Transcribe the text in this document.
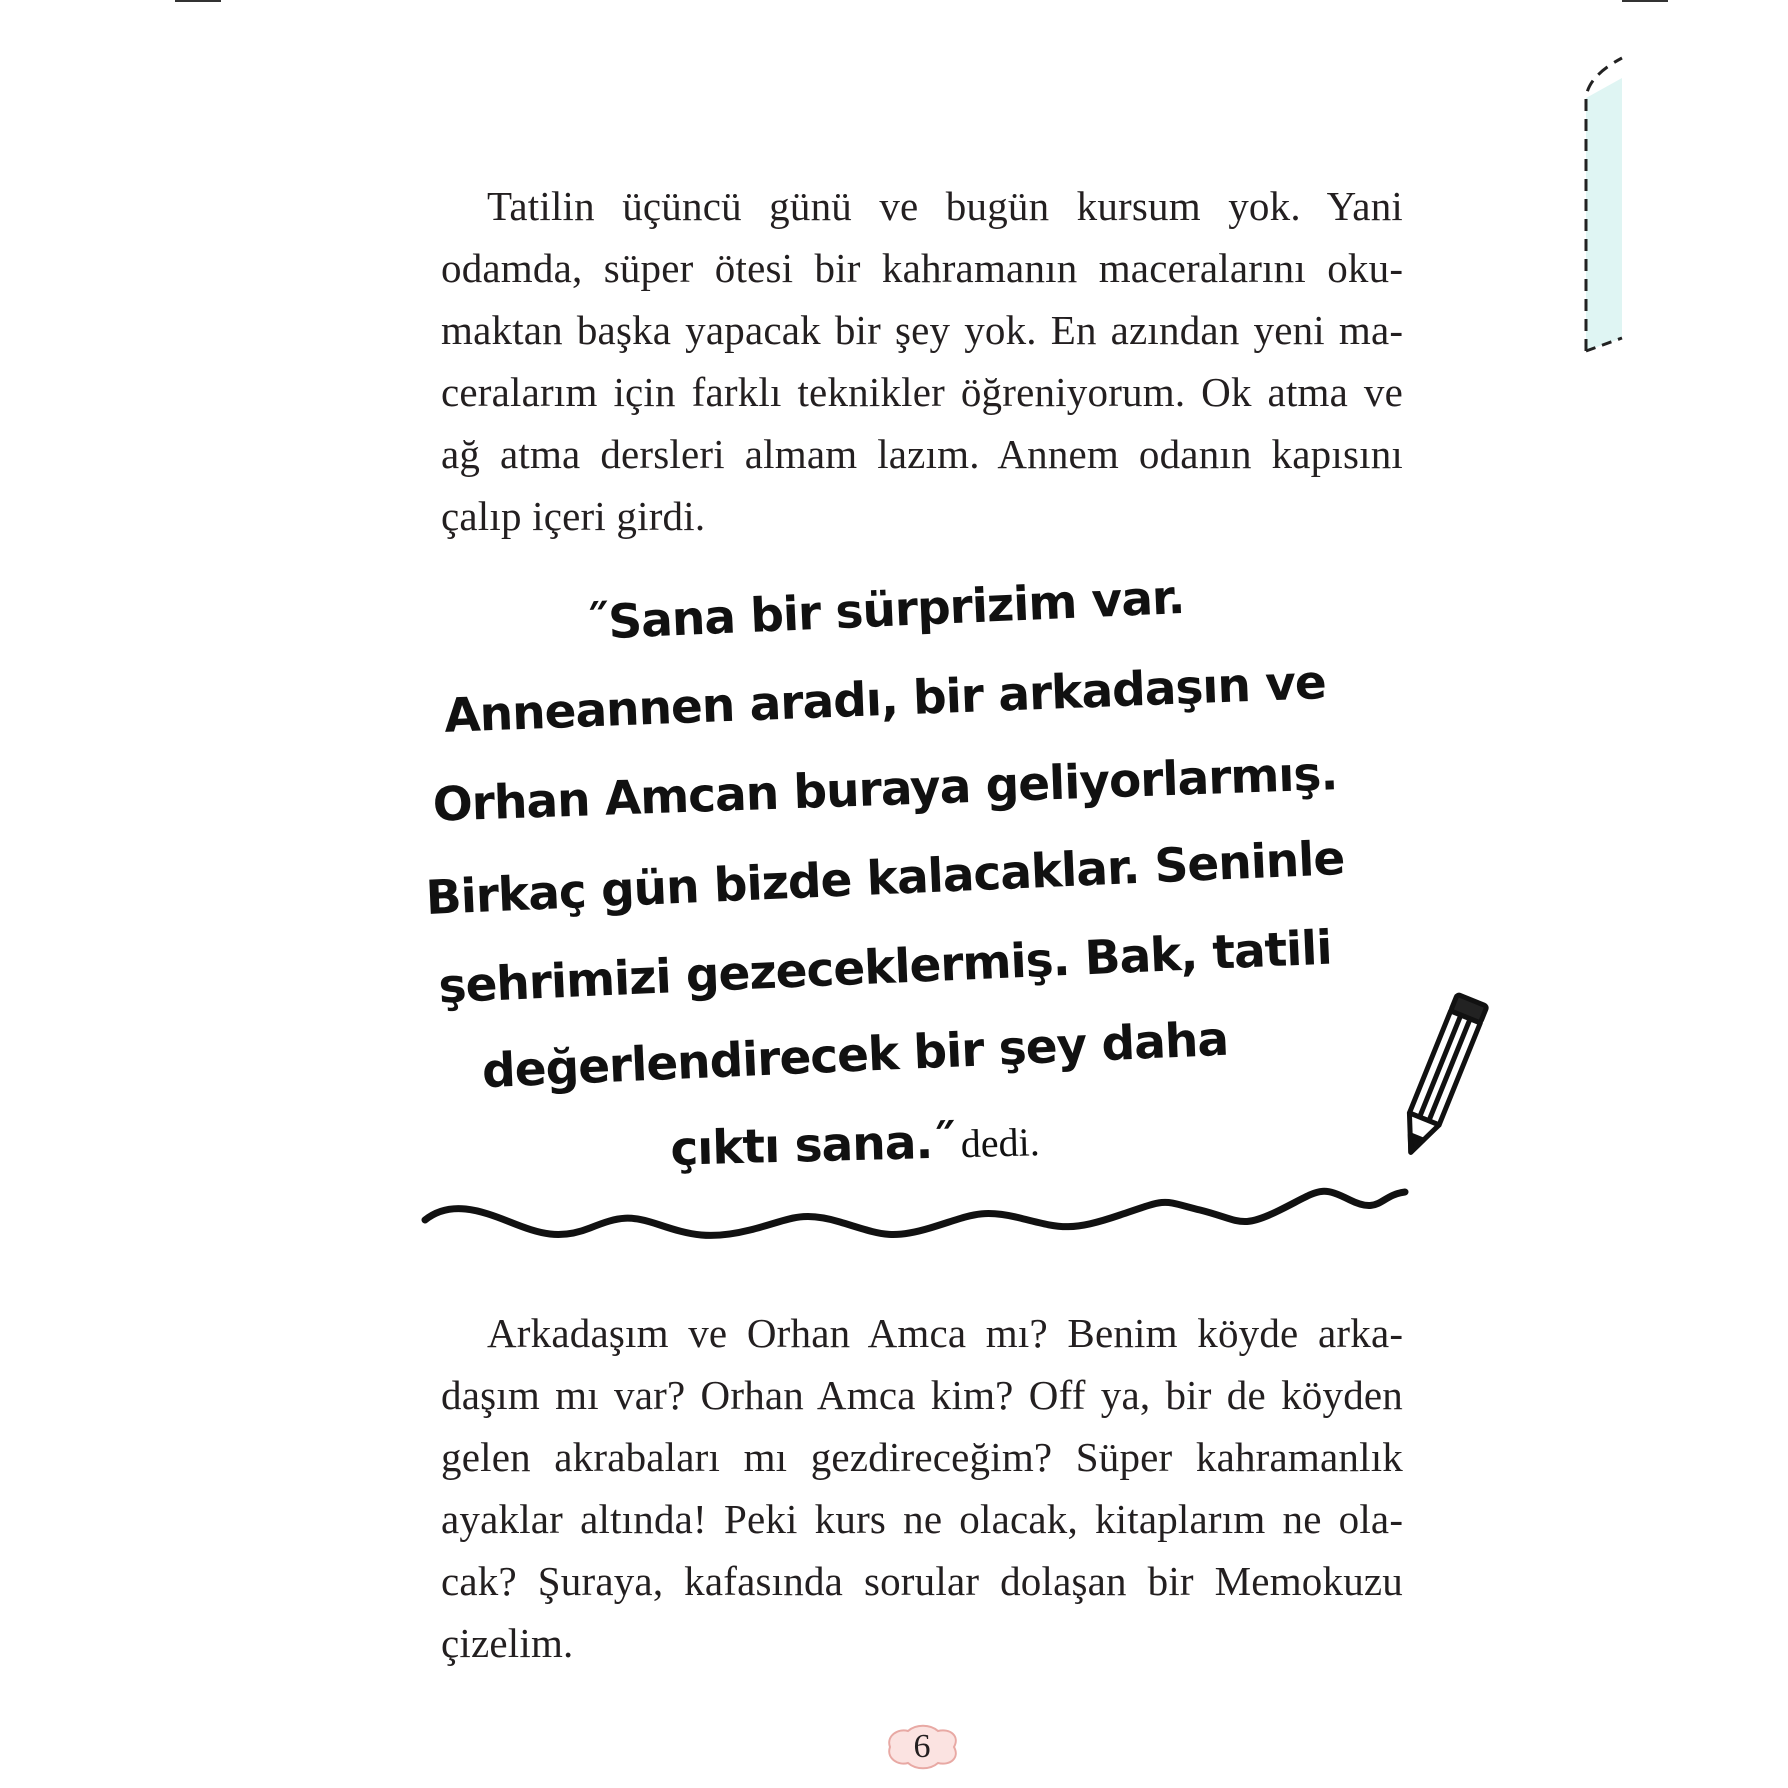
Tatilin üçüncü günü ve bugün kursum yok. Yani odamda, süper ötesi bir kahramanın maceralarını okumaktan başka yapacak bir şey yok. En azından yeni maceralarım için farklı teknikler öğreniyorum. Ok atma ve ağ atma dersleri almam lazım. Annem odanın kapısını çalıp içeri girdi.

˝Sana bir sürprizim var.
Anneannen aradı, bir arkadaşın ve
Orhan Amcan buraya geliyorlarmış.
Birkaç gün bizde kalacaklar. Seninle
şehrimizi gezeceklermiş. Bak, tatili
değerlendirecek bir şey daha
çıktı sana.˝ dedi.

Arkadaşım ve Orhan Amca mı? Benim köyde arkadaşım mı var? Orhan Amca kim? Off ya, bir de köyden gelen akrabaları mı gezdireceğim? Süper kahramanlık ayaklar altında! Peki kurs ne olacak, kitaplarım ne olacak? Şuraya, kafasında sorular dolaşan bir Memokuzu çizelim.

6
